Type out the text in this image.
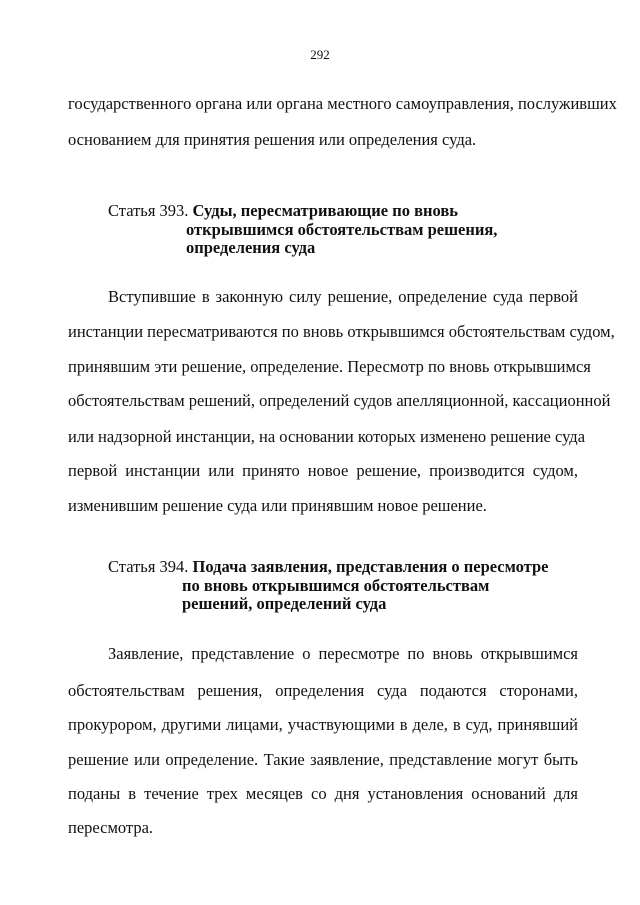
292
государственного органа или органа местного самоуправления, послуживших
основанием для принятия решения или определения суда.
Статья 393. Суды, пересматривающие по вновь
открывшимся обстоятельствам решения,
определения суда
Вступившие в законную силу решение, определение суда первой
инстанции пересматриваются по вновь открывшимся обстоятельствам судом,
принявшим эти решение, определение. Пересмотр по вновь открывшимся
обстоятельствам решений, определений судов апелляционной, кассационной
или надзорной инстанции, на основании которых изменено решение суда
первой инстанции или принято новое решение, производится судом,
изменившим решение суда или принявшим новое решение.
Статья 394. Подача заявления, представления о пересмотре
по вновь открывшимся обстоятельствам
решений, определений суда
Заявление, представление о пересмотре по вновь открывшимся
обстоятельствам решения, определения суда подаются сторонами,
прокурором, другими лицами, участвующими в деле, в суд, принявший
решение или определение. Такие заявление, представление могут быть
поданы в течение трех месяцев со дня установления оснований для
пересмотра.
